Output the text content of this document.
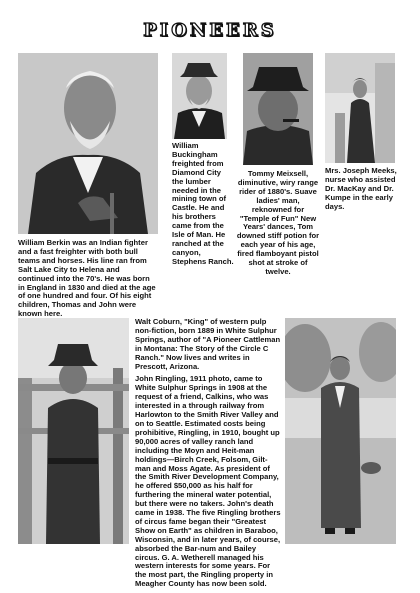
PIONEERS
William Berkin was an Indian fighter and a fast freighter with both bull teams and horses. His line ran from Salt Lake City to Helena and continued into the 70's. He was born in England in 1830 and died at the age of one hundred and four. Of his eight children, Thomas and John were known here.
William Buckingham freighted from Diamond City the lumber needed in the mining town of Castle. He and his brothers came from the Isle of Man. He ranched at the canyon, Stephens Ranch.
Tommy Meixsell, diminutive, wiry range rider of 1880's. Suave ladies' man, reknowned for "Temple of Fun" New Years' dances, Tom downed stiff potion for each year of his age, fired flamboyant pistol shot at stroke of twelve.
Mrs. Joseph Meeks, nurse who assisted Dr. MacKay and Dr. Kumpe in the early days.

Walt Coburn, "King" of western pulp non-fiction, born 1889 in White Sulphur Springs, author of "A Pioneer Cattleman in Montana: The Story of the Circle C Ranch." Now lives and writes in Prescott, Arizona.

John Ringling, 1911 photo, came to White Sulphur Springs in 1908 at the request of a friend, Calkins, who was interested in a through railway from Harlowton to the Smith River Valley and on to Seattle. Estimated costs being prohibitive, Ringling, in 1910, bought up 90,000 acres of valley ranch land including the Moyn and Heit-man holdings—Birch Creek, Folsom, Gilt-man and Moss Agate. As president of the Smith River Development Company, he offered $50,000 as his half for furthering the mineral water potential, but there were no takers. John's death came in 1938. The five Ringling brothers of circus fame began their "Greatest Show on Earth" as children in Baraboo, Wisconsin, and in later years, of course, absorbed the Bar-num and Bailey circus. G. A. Wetherell managed his western interests for some years. For the most part, the Ringling property in Meagher County has now been sold.
